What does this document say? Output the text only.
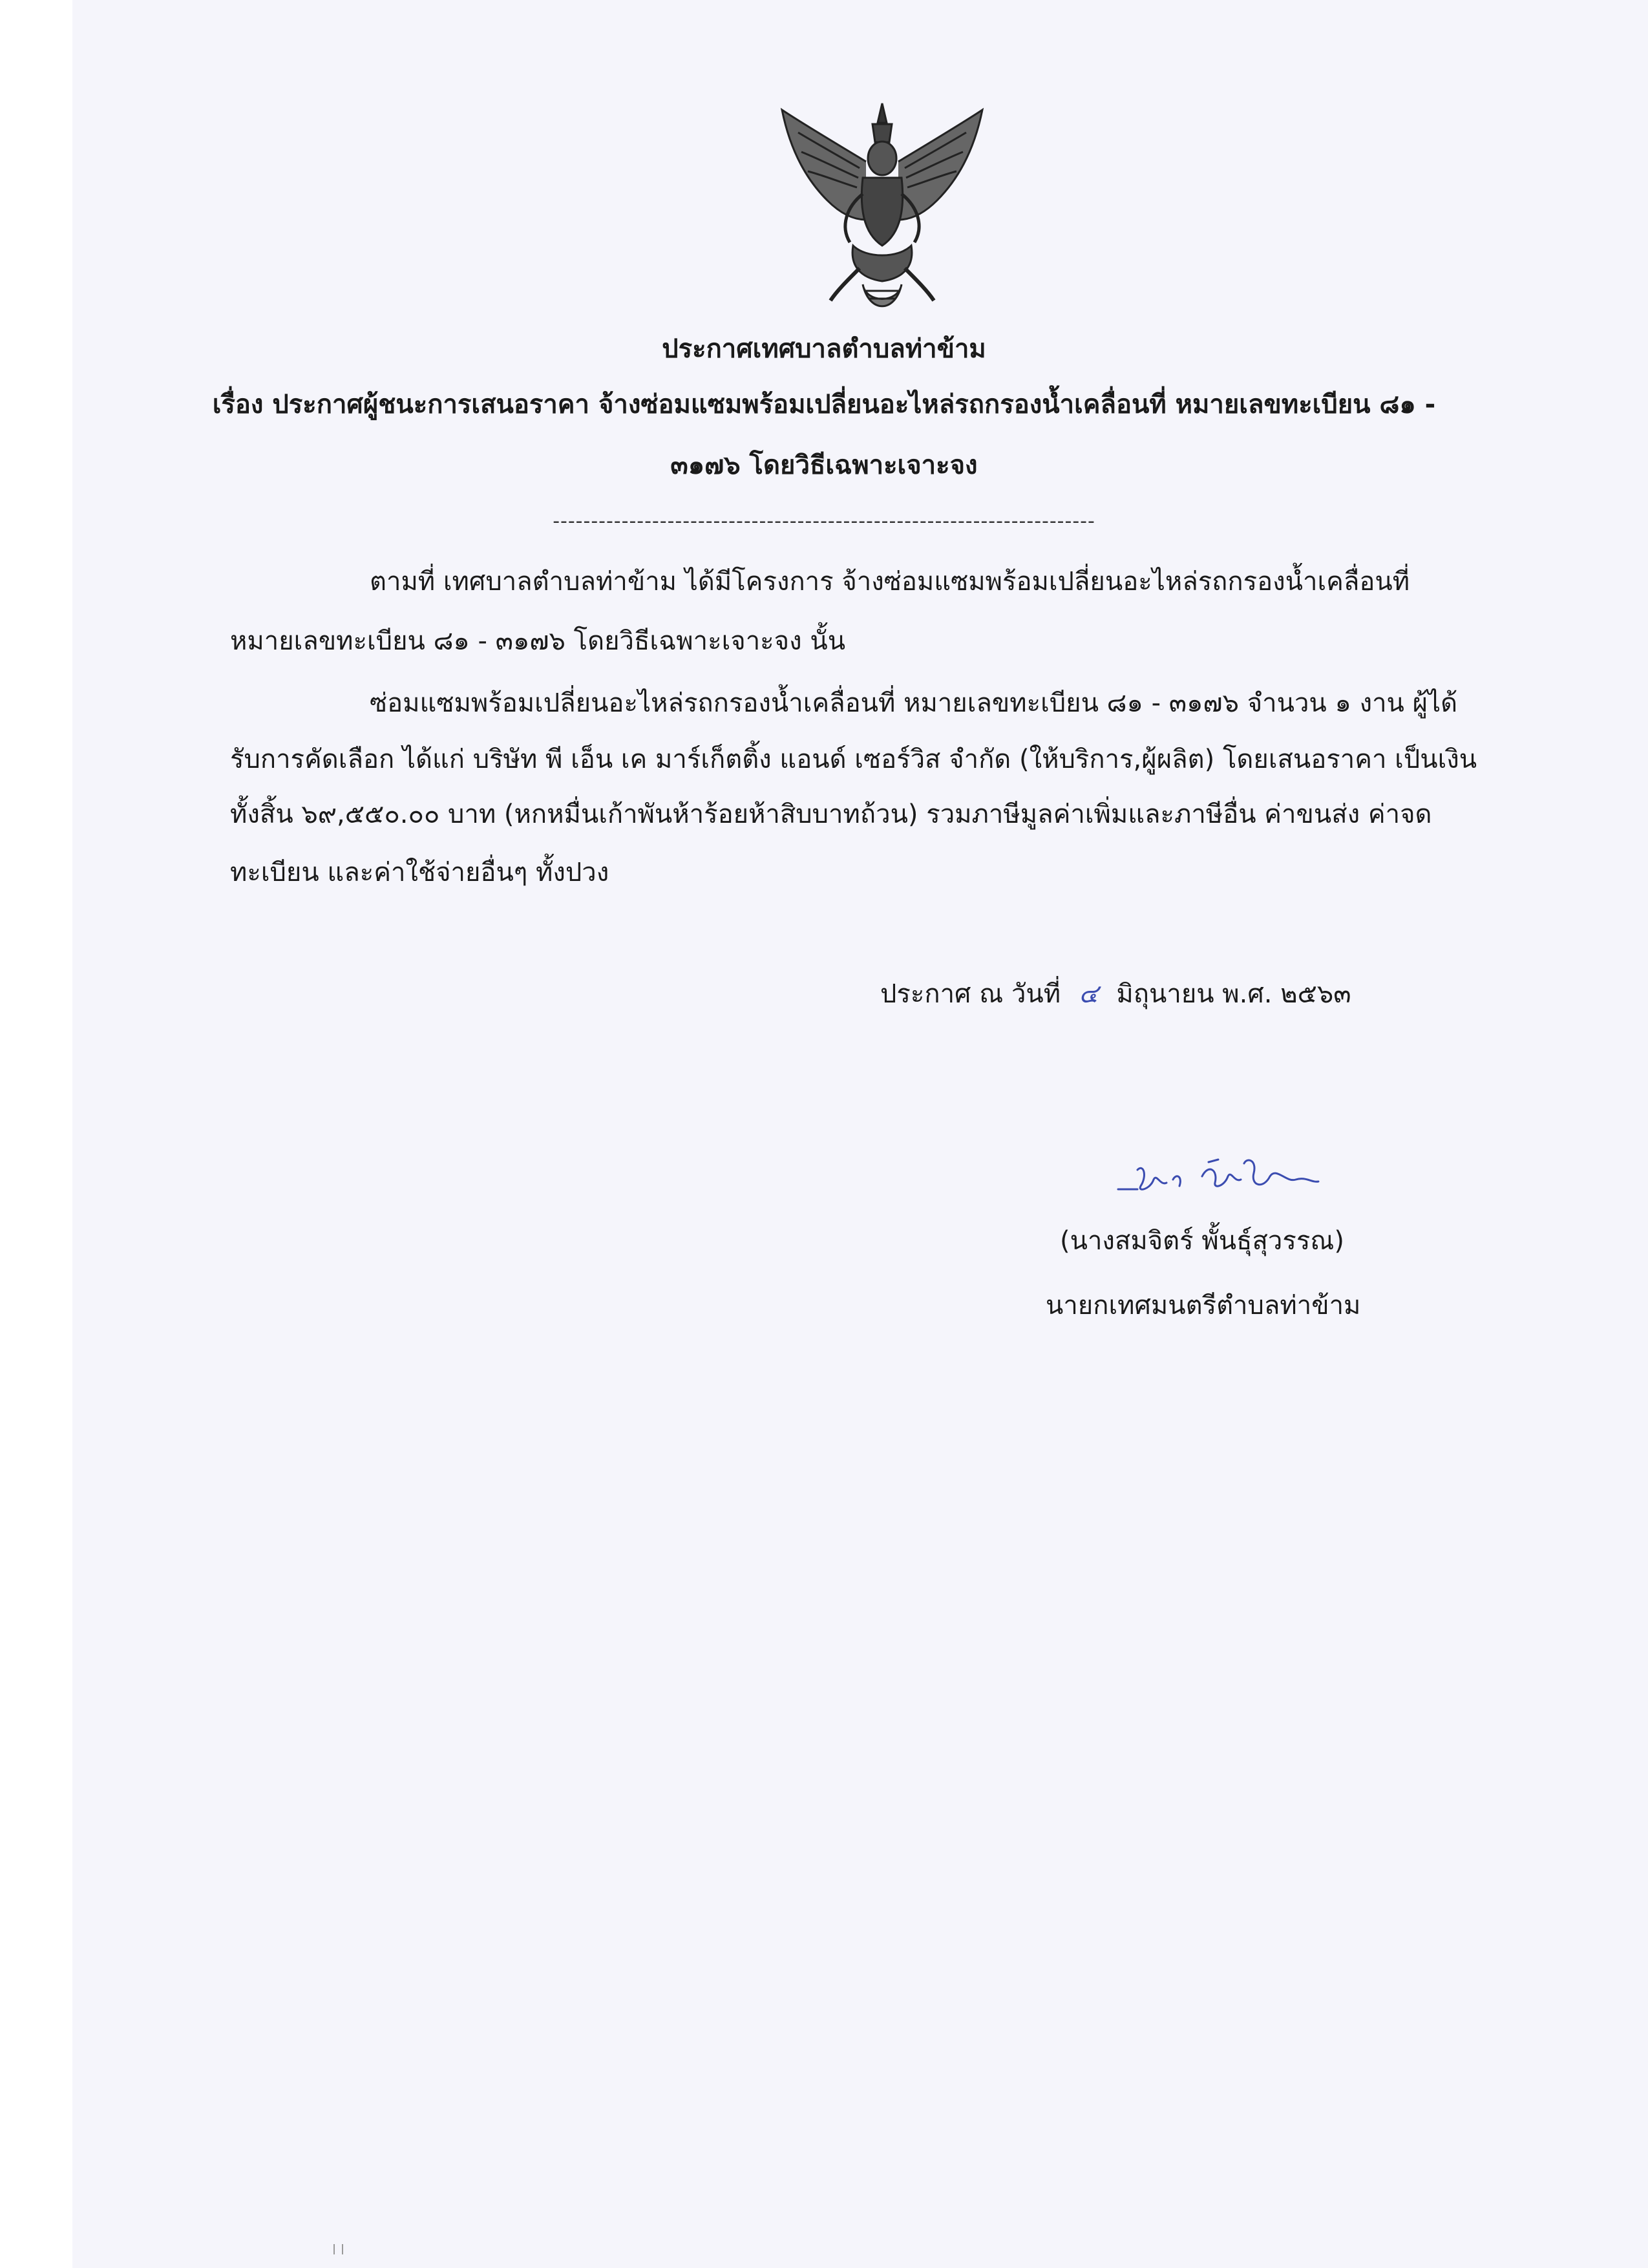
ประกาศเทศบาลตำบลท่าข้าม
เรื่อง ประกาศผู้ชนะการเสนอราคา จ้างซ่อมแซมพร้อมเปลี่ยนอะไหล่รถกรองน้ำเคลื่อนที่ หมายเลขทะเบียน ๘๑ -
๓๑๗๖ โดยวิธีเฉพาะเจาะจง
-----------------------------------------------------------------------
ตามที่ เทศบาลตำบลท่าข้าม ได้มีโครงการ จ้างซ่อมแซมพร้อมเปลี่ยนอะไหล่รถกรองน้ำเคลื่อนที่
หมายเลขทะเบียน ๘๑ - ๓๑๗๖ โดยวิธีเฉพาะเจาะจง นั้น
ซ่อมแซมพร้อมเปลี่ยนอะไหล่รถกรองน้ำเคลื่อนที่ หมายเลขทะเบียน ๘๑ - ๓๑๗๖ จำนวน ๑ งาน ผู้ได้
รับการคัดเลือก ได้แก่ บริษัท พี เอ็น เค มาร์เก็ตติ้ง แอนด์ เซอร์วิส จำกัด (ให้บริการ,ผู้ผลิต) โดยเสนอราคา เป็นเงิน
ทั้งสิ้น ๖๙,๕๕๐.๐๐ บาท (หกหมื่นเก้าพันห้าร้อยห้าสิบบาทถ้วน) รวมภาษีมูลค่าเพิ่มและภาษีอื่น ค่าขนส่ง ค่าจด
ทะเบียน และค่าใช้จ่ายอื่นๆ ทั้งปวง
ประกาศ ณ วันที่ ๔ มิถุนายน พ.ศ. ๒๕๖๓
(นางสมจิตร์ พั้นธุ์สุวรรณ)
นายกเทศมนตรีตำบลท่าข้าม
